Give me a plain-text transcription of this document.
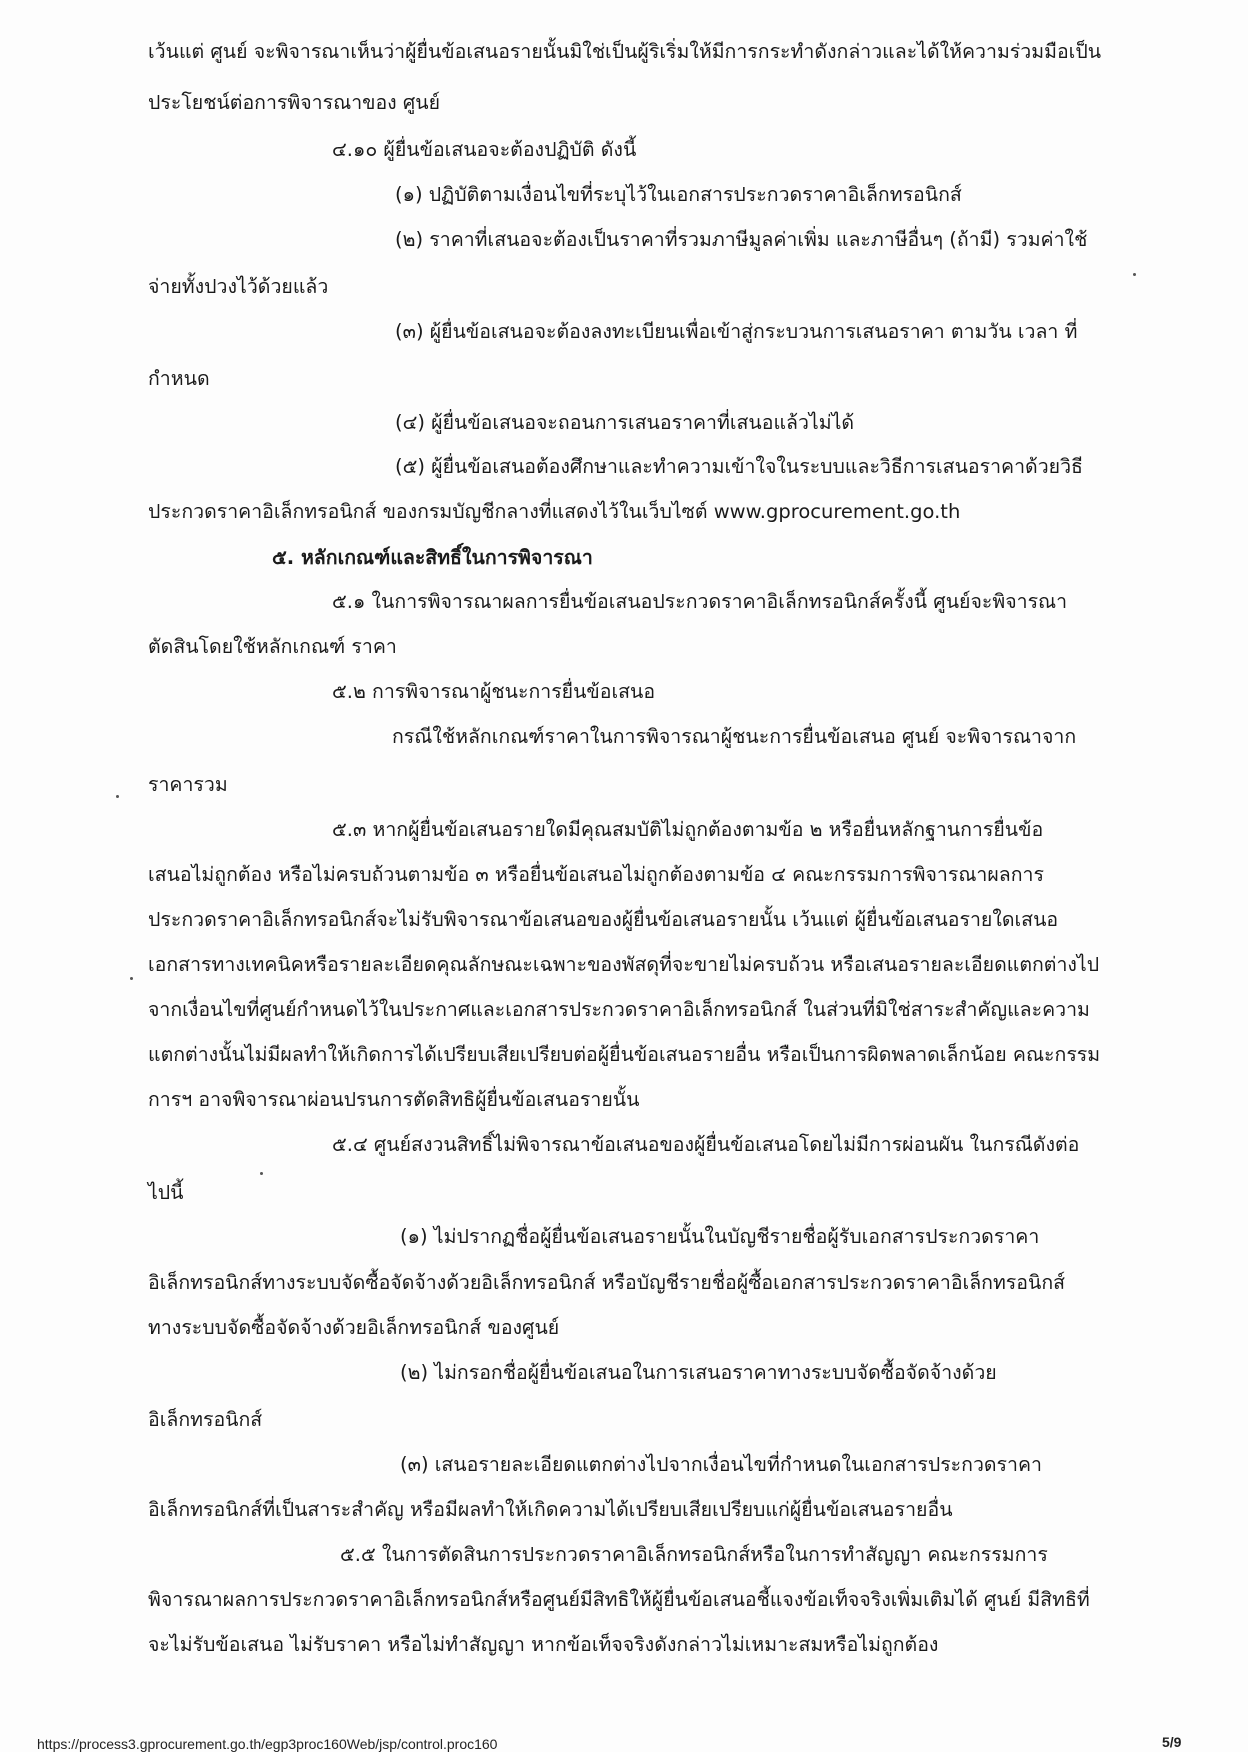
เว้นแต่ ศูนย์ จะพิจารณาเห็นว่าผู้ยื่นข้อเสนอรายนั้นมิใช่เป็นผู้ริเริ่มให้มีการกระทำดังกล่าวและได้ให้ความร่วมมือเป็น
ประโยชน์ต่อการพิจารณาของ ศูนย์
๔.๑๐ ผู้ยื่นข้อเสนอจะต้องปฏิบัติ ดังนี้
(๑) ปฏิบัติตามเงื่อนไขที่ระบุไว้ในเอกสารประกวดราคาอิเล็กทรอนิกส์
(๒) ราคาที่เสนอจะต้องเป็นราคาที่รวมภาษีมูลค่าเพิ่ม และภาษีอื่นๆ (ถ้ามี) รวมค่าใช้
จ่ายทั้งปวงไว้ด้วยแล้ว
(๓) ผู้ยื่นข้อเสนอจะต้องลงทะเบียนเพื่อเข้าสู่กระบวนการเสนอราคา ตามวัน เวลา ที่
กำหนด
(๔) ผู้ยื่นข้อเสนอจะถอนการเสนอราคาที่เสนอแล้วไม่ได้
(๕) ผู้ยื่นข้อเสนอต้องศึกษาและทำความเข้าใจในระบบและวิธีการเสนอราคาด้วยวิธี
ประกวดราคาอิเล็กทรอนิกส์ ของกรมบัญชีกลางที่แสดงไว้ในเว็บไซต์ www.gprocurement.go.th
๕. หลักเกณฑ์และสิทธิ์ในการพิจารณา
๕.๑ ในการพิจารณาผลการยื่นข้อเสนอประกวดราคาอิเล็กทรอนิกส์ครั้งนี้ ศูนย์จะพิจารณา
ตัดสินโดยใช้หลักเกณฑ์ ราคา
๕.๒ การพิจารณาผู้ชนะการยื่นข้อเสนอ
กรณีใช้หลักเกณฑ์ราคาในการพิจารณาผู้ชนะการยื่นข้อเสนอ ศูนย์ จะพิจารณาจาก
ราคารวม
๕.๓ หากผู้ยื่นข้อเสนอรายใดมีคุณสมบัติไม่ถูกต้องตามข้อ ๒ หรือยื่นหลักฐานการยื่นข้อ
เสนอไม่ถูกต้อง หรือไม่ครบถ้วนตามข้อ ๓ หรือยื่นข้อเสนอไม่ถูกต้องตามข้อ ๔ คณะกรรมการพิจารณาผลการ
ประกวดราคาอิเล็กทรอนิกส์จะไม่รับพิจารณาข้อเสนอของผู้ยื่นข้อเสนอรายนั้น เว้นแต่ ผู้ยื่นข้อเสนอรายใดเสนอ
เอกสารทางเทคนิคหรือรายละเอียดคุณลักษณะเฉพาะของพัสดุที่จะขายไม่ครบถ้วน หรือเสนอรายละเอียดแตกต่างไป
จากเงื่อนไขที่ศูนย์กำหนดไว้ในประกาศและเอกสารประกวดราคาอิเล็กทรอนิกส์ ในส่วนที่มิใช่สาระสำคัญและความ
แตกต่างนั้นไม่มีผลทำให้เกิดการได้เปรียบเสียเปรียบต่อผู้ยื่นข้อเสนอรายอื่น หรือเป็นการผิดพลาดเล็กน้อย คณะกรรม
การฯ อาจพิจารณาผ่อนปรนการตัดสิทธิผู้ยื่นข้อเสนอรายนั้น
๕.๔ ศูนย์สงวนสิทธิ์ไม่พิจารณาข้อเสนอของผู้ยื่นข้อเสนอโดยไม่มีการผ่อนผัน ในกรณีดังต่อ
ไปนี้
(๑) ไม่ปรากฏชื่อผู้ยื่นข้อเสนอรายนั้นในบัญชีรายชื่อผู้รับเอกสารประกวดราคา
อิเล็กทรอนิกส์ทางระบบจัดซื้อจัดจ้างด้วยอิเล็กทรอนิกส์ หรือบัญชีรายชื่อผู้ซื้อเอกสารประกวดราคาอิเล็กทรอนิกส์
ทางระบบจัดซื้อจัดจ้างด้วยอิเล็กทรอนิกส์ ของศูนย์
(๒) ไม่กรอกชื่อผู้ยื่นข้อเสนอในการเสนอราคาทางระบบจัดซื้อจัดจ้างด้วย
อิเล็กทรอนิกส์
(๓) เสนอรายละเอียดแตกต่างไปจากเงื่อนไขที่กำหนดในเอกสารประกวดราคา
อิเล็กทรอนิกส์ที่เป็นสาระสำคัญ หรือมีผลทำให้เกิดความได้เปรียบเสียเปรียบแก่ผู้ยื่นข้อเสนอรายอื่น
๕.๕ ในการตัดสินการประกวดราคาอิเล็กทรอนิกส์หรือในการทำสัญญา คณะกรรมการ
พิจารณาผลการประกวดราคาอิเล็กทรอนิกส์หรือศูนย์มีสิทธิให้ผู้ยื่นข้อเสนอชี้แจงข้อเท็จจริงเพิ่มเติมได้ ศูนย์ มีสิทธิที่
จะไม่รับข้อเสนอ ไม่รับราคา หรือไม่ทำสัญญา หากข้อเท็จจริงดังกล่าวไม่เหมาะสมหรือไม่ถูกต้อง
https://process3.gprocurement.go.th/egp3proc160Web/jsp/control.proc160	5/9
